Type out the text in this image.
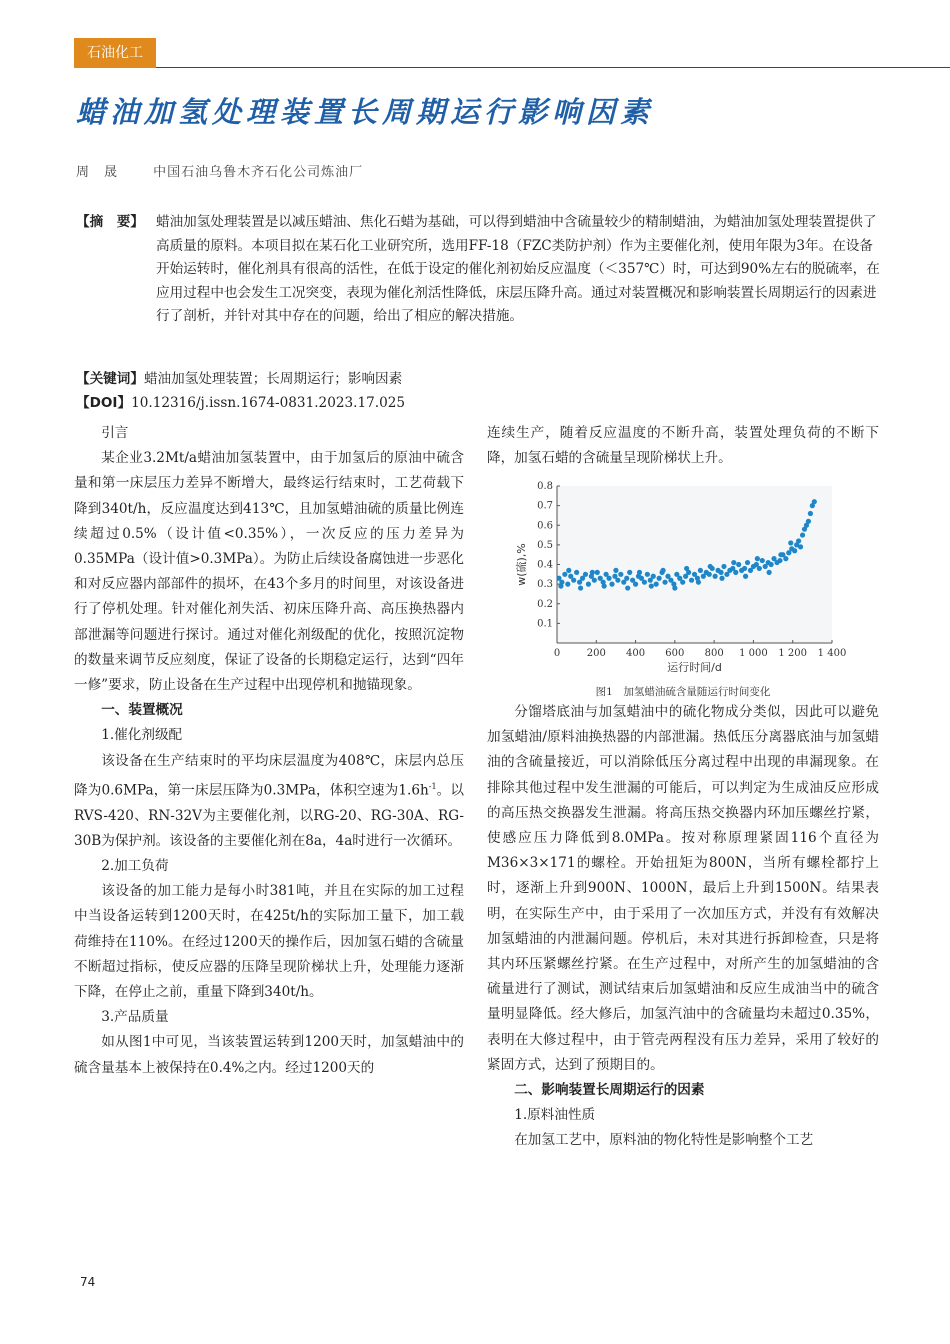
石油化工
蜡油加氢处理装置长周期运行影响因素
周　晟	中国石油乌鲁木齐石化公司炼油厂
【摘　要】 蜡油加氢处理装置是以减压蜡油、焦化石蜡为基础，可以得到蜡油中含硫量较少的精制蜡油，为蜡油加氢处理装置提供了高质量的原料。本项目拟在某石化工业研究所，选用FF-18（FZC类防护剂）作为主要催化剂，使用年限为3年。在设备开始运转时，催化剂具有很高的活性，在低于设定的催化剂初始反应温度（＜357℃）时，可达到90%左右的脱硫率，在应用过程中也会发生工况突变，表现为催化剂活性降低，床层压降升高。通过对装置概况和影响装置长周期运行的因素进行了剖析，并针对其中存在的问题，给出了相应的解决措施。
【关键词】蜡油加氢处理装置；长周期运行；影响因素
【DOI】10.12316/j.issn.1674-0831.2023.17.025
引言

某企业3.2Mt/a蜡油加氢装置中，由于加氢后的原油中硫含量和第一床层压力差异不断增大，最终运行结束时，工艺荷载下降到340t/h，反应温度达到413℃，且加氢蜡油硫的质量比例连续超过0.5%（设计值<0.35%），一次反应的压力差异为0.35MPa（设计值>0.3MPa）。为防止后续设备腐蚀进一步恶化和对反应器内部部件的损坏，在43个多月的时间里，对该设备进行了停机处理。针对催化剂失活、初床压降升高、高压换热器内部泄漏等问题进行探讨。通过对催化剂级配的优化，按照沉淀物的数量来调节反应刻度，保证了设备的长期稳定运行，达到“四年一修”要求，防止设备在生产过程中出现停机和抛锚现象。

一、装置概况
1.催化剂级配

该设备在生产结束时的平均床层温度为408℃，床层内总压降为0.6MPa，第一床层压降为0.3MPa，体积空速为$1.6h^{-1}$。以RVS-420、RN-32V为主要催化剂，以RG-20、RG-30A、RG-30B为保护剂。该设备的主要催化剂在8a，4a时进行一次循环。

2.加工负荷

该设备的加工能力是每小时381吨，并且在实际的加工过程中当设备运转到1200天时，在425t/h的实际加工量下，加工载荷维持在110%。在经过1200天的操作后，因加氢石蜡的含硫量不断超过指标，使反应器的压降呈现阶梯状上升，处理能力逐渐下降，在停止之前，重量下降到340t/h。

3.产品质量

如从图1中可见，当该装置运转到1200天时，加氢蜡油中的硫含量基本上被保持在0.4%之内。经过1200天的

连续生产，随着反应温度的不断升高，装置处理负荷的不断下降，加氢石蜡的含硫量呈现阶梯状上升。

0	200 400 600 800 1 000 1 200 1 400
0.1
0.2
0.3
0.4
0.5
0.6
0.7
0.8
运行时间/d
w(硫),%
图1　加氢蜡油硫含量随运行时间变化

分馏塔底油与加氢蜡油中的硫化物成分类似，因此可以避免加氢蜡油/原料油换热器的内部泄漏。热低压分离器底油与加氢蜡油的含硫量接近，可以消除低压分离过程中出现的串漏现象。在排除其他过程中发生泄漏的可能后，可以判定为生成油反应形成的高压热交换器发生泄漏。将高压热交换器内环加压螺丝拧紧，使感应压力降低到8.0MPa。按对称原理紧固116个直径为M36×3×171的螺栓。开始扭矩为800N，当所有螺栓都拧上时，逐渐上升到900N、1000N，最后上升到1500N。结果表明，在实际生产中，由于采用了一次加压方式，并没有有效解决加氢蜡油的内泄漏问题。停机后，未对其进行拆卸检查，只是将其内环压紧螺丝拧紧。在生产过程中，对所产生的加氢蜡油的含硫量进行了测试，测试结束后加氢蜡油和反应生成油当中的硫含量明显降低。经大修后，加氢汽油中的含硫量均未超过0.35%，表明在大修过程中，由于管壳两程没有压力差异，采用了较好的紧固方式，达到了预期目的。

二、影响装置长周期运行的因素
1.原料油性质

在加氢工艺中，原料油的物化特性是影响整个工艺

74
